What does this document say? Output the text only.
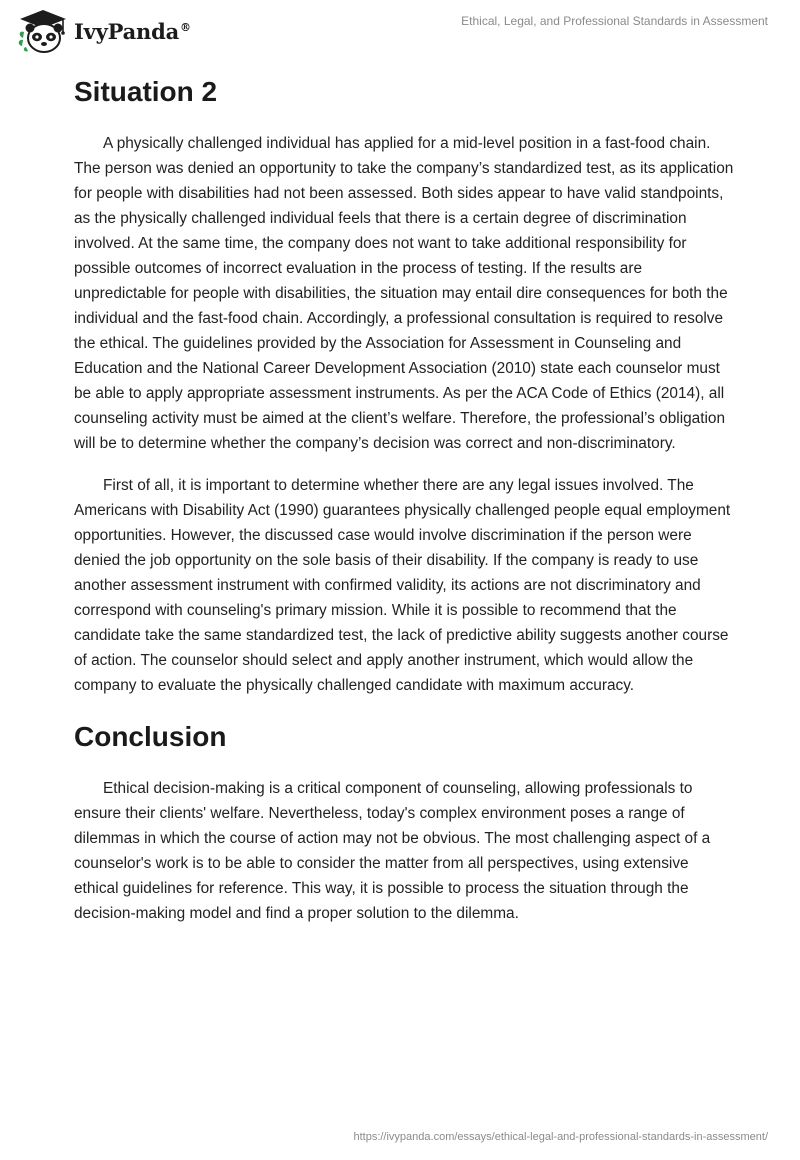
IvyPanda®	Ethical, Legal, and Professional Standards in Assessment
Situation 2

A physically challenged individual has applied for a mid-level position in a fast-food chain. The person was denied an opportunity to take the company’s standardized test, as its application for people with disabilities had not been assessed. Both sides appear to have valid standpoints, as the physically challenged individual feels that there is a certain degree of discrimination involved. At the same time, the company does not want to take additional responsibility for possible outcomes of incorrect evaluation in the process of testing. If the results are unpredictable for people with disabilities, the situation may entail dire consequences for both the individual and the fast-food chain. Accordingly, a professional consultation is required to resolve the ethical. The guidelines provided by the Association for Assessment in Counseling and Education and the National Career Development Association (2010) state each counselor must be able to apply appropriate assessment instruments. As per the ACA Code of Ethics (2014), all counseling activity must be aimed at the client’s welfare. Therefore, the professional’s obligation will be to determine whether the company’s decision was correct and non-discriminatory.

First of all, it is important to determine whether there are any legal issues involved. The Americans with Disability Act (1990) guarantees physically challenged people equal employment opportunities. However, the discussed case would involve discrimination if the person were denied the job opportunity on the sole basis of their disability. If the company is ready to use another assessment instrument with confirmed validity, its actions are not discriminatory and correspond with counseling's primary mission. While it is possible to recommend that the candidate take the same standardized test, the lack of predictive ability suggests another course of action. The counselor should select and apply another instrument, which would allow the company to evaluate the physically challenged candidate with maximum accuracy.

Conclusion

Ethical decision-making is a critical component of counseling, allowing professionals to ensure their clients' welfare. Nevertheless, today's complex environment poses a range of dilemmas in which the course of action may not be obvious. The most challenging aspect of a counselor's work is to be able to consider the matter from all perspectives, using extensive ethical guidelines for reference. This way, it is possible to process the situation through the decision-making model and find a proper solution to the dilemma.

https://ivypanda.com/essays/ethical-legal-and-professional-standards-in-assessment/
